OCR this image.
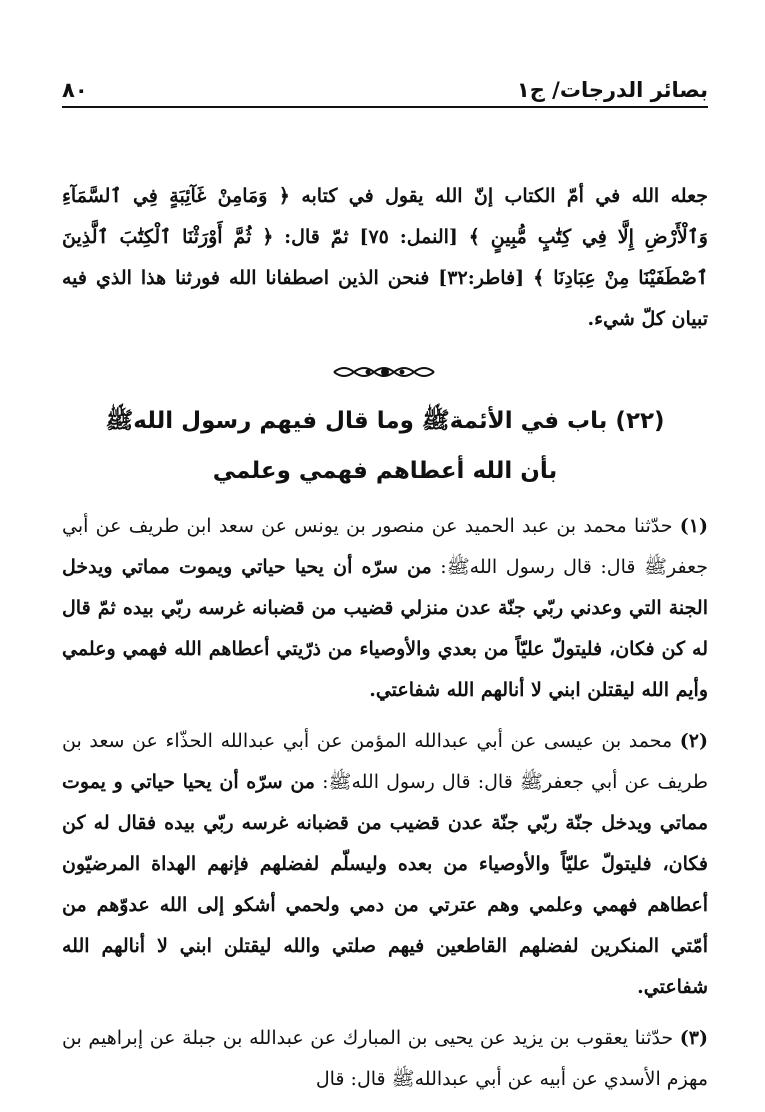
بصائر الدرجات/ ج١
٨٠

جعله الله في أمّ الكتاب إنّ الله يقول في كتابه ﴿ وَمَامِنْ غَآئِبَةٍ فِي ٱلسَّمَآءِ وَٱلْأَرْضِ إِلَّا فِي كِتَٰبٍ مُّبِينٍ ﴾ [النمل: ٧٥] ثمّ قال: ﴿ ثُمَّ أَوْرَثْنَا ٱلْكِتَٰبَ ٱلَّذِينَ ٱصْطَفَيْنَا مِنْ عِبَادِنَا ﴾ [فاطر:٣٢] فنحن الذين اصطفانا الله فورثنا هذا الذي فيه تبيان كلّ شيء.

(٢٢) باب في الأئمةﷺ وما قال فيهم رسول اللهﷺ

بأن الله أعطاهم فهمي وعلمي

(١) حدّثنا محمد بن عبد الحميد عن منصور بن يونس عن سعد ابن طريف عن أبي جعفرﷺ قال: قال رسول اللهﷺ: من سرّه أن يحيا حياتي ويموت مماتي ويدخل الجنة التي وعدني ربّي جنّة عدن منزلي قضيب من قضبانه غرسه ربّي بيده ثمّ قال له كن فكان، فليتولّ عليّاً من بعدي والأوصياء من ذرّيتي أعطاهم الله فهمي وعلمي وأيم الله ليقتلن ابني لا أنالهم الله شفاعتي.

(٢) محمد بن عيسى عن أبي عبدالله المؤمن عن أبي عبدالله الحذّاء عن سعد بن طريف عن أبي جعفرﷺ قال: قال رسول اللهﷺ: من سرّه أن يحيا حياتي و يموت مماتي ويدخل جنّة ربّي جنّة عدن قضيب من قضبانه غرسه ربّي بيده فقال له كن فكان، فليتولّ عليّاً والأوصياء من بعده وليسلّم لفضلهم فإنهم الهداة المرضيّون أعطاهم فهمي وعلمي وهم عترتي من دمي ولحمي أشكو إلى الله عدوّهم من أمّتي المنكرين لفضلهم القاطعين فيهم صلتي والله ليقتلن ابني لا أنالهم الله شفاعتي.

(٣) حدّثنا يعقوب بن يزيد عن يحيى بن المبارك عن عبدالله بن جبلة عن إبراهيم بن مهزم الأسدي عن أبيه عن أبي عبداللهﷺ قال: قال
